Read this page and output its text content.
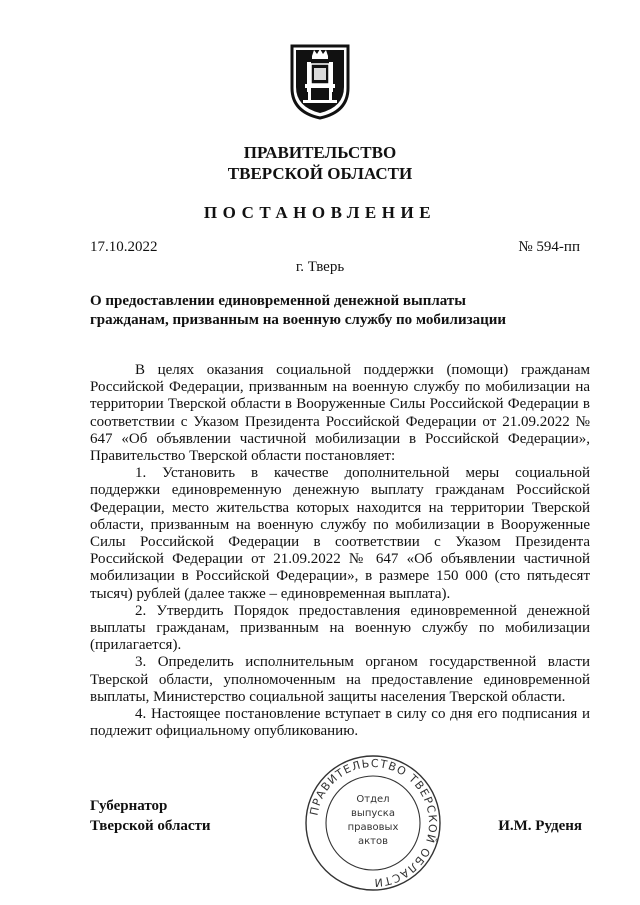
ПРАВИТЕЛЬСТВО
ТВЕРСКОЙ ОБЛАСТИ
ПОСТАНОВЛЕНИЕ
17.10.2022	№ 594-пп
г. Тверь
О предоставлении единовременной денежной выплаты
гражданам, призванным на военную службу по мобилизации

В целях оказания социальной поддержки (помощи) гражданам Российской Федерации, призванным на военную службу по мобилизации на территории Тверской области в Вооруженные Силы Российской Федерации в соответствии с Указом Президента Российской Федерации от 21.09.2022 № 647 «Об объявлении частичной мобилизации в Российской Федерации», Правительство Тверской области постановляет:

1. Установить в качестве дополнительной меры социальной поддержки единовременную денежную выплату гражданам Российской Федерации, место жительства которых находится на территории Тверской области, призванным на военную службу по мобилизации в Вооруженные Силы Российской Федерации в соответствии с Указом Президента Российской Федерации от 21.09.2022 № 647 «Об объявлении частичной мобилизации в Российской Федерации», в размере 150 000 (сто пятьдесят тысяч) рублей (далее также – единовременная выплата).

2. Утвердить Порядок предоставления единовременной денежной выплаты гражданам, призванным на военную службу по мобилизации (прилагается).

3. Определить исполнительным органом государственной власти Тверской области, уполномоченным на предоставление единовременной выплаты, Министерство социальной защиты населения Тверской области.

4. Настоящее постановление вступает в силу со дня его подписания и подлежит официальному опубликованию.

Губернатор
Тверской области	И.М. Руденя
ПРАВИТЕЛЬСТВО ТВЕРСКОЙ ОБЛАСТИ
Отдел
выпуска
правовых
актов
